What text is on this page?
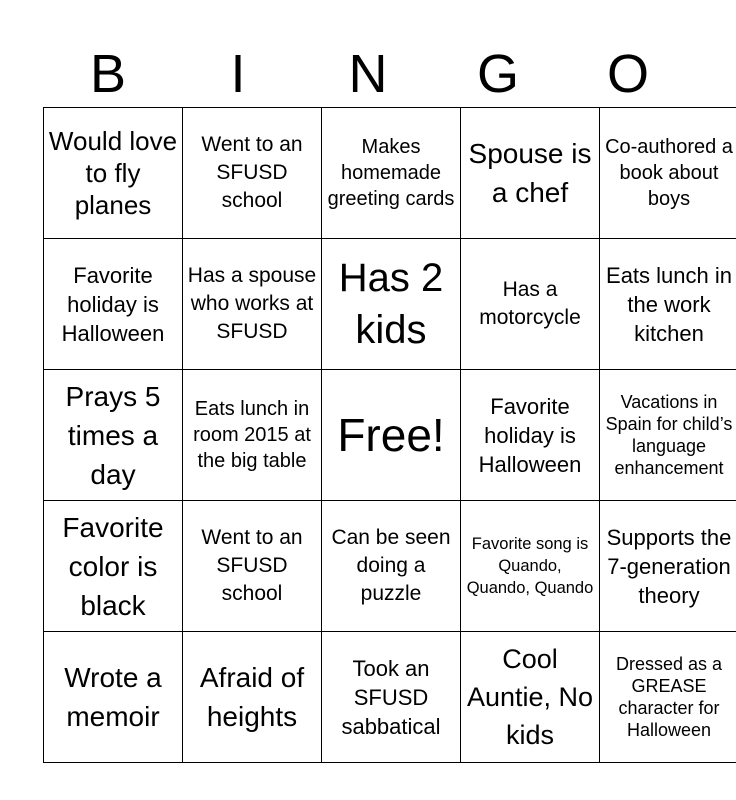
B	I	N	G	O
Would love to fly planes	Went to an SFUSD school	Makes homemade greeting cards	Spouse is a chef	Co-authored a book about boys

Favorite holiday is Halloween	Has a spouse who works at SFUSD	Has 2 kids	Has a motorcycle	Eats lunch in the work kitchen

Prays 5 times a day	Eats lunch in room 2015 at the big table	Free!	Favorite holiday is Halloween	Vacations in Spain for child’s language enhancement

Favorite color is black	Went to an SFUSD school	Can be seen doing a puzzle	Favorite song is Quando, Quando, Quando	Supports the 7-generation theory

Wrote a memoir	Afraid of heights	Took an SFUSD sabbatical	Cool Auntie, No kids	Dressed as a GREASE character for Halloween
